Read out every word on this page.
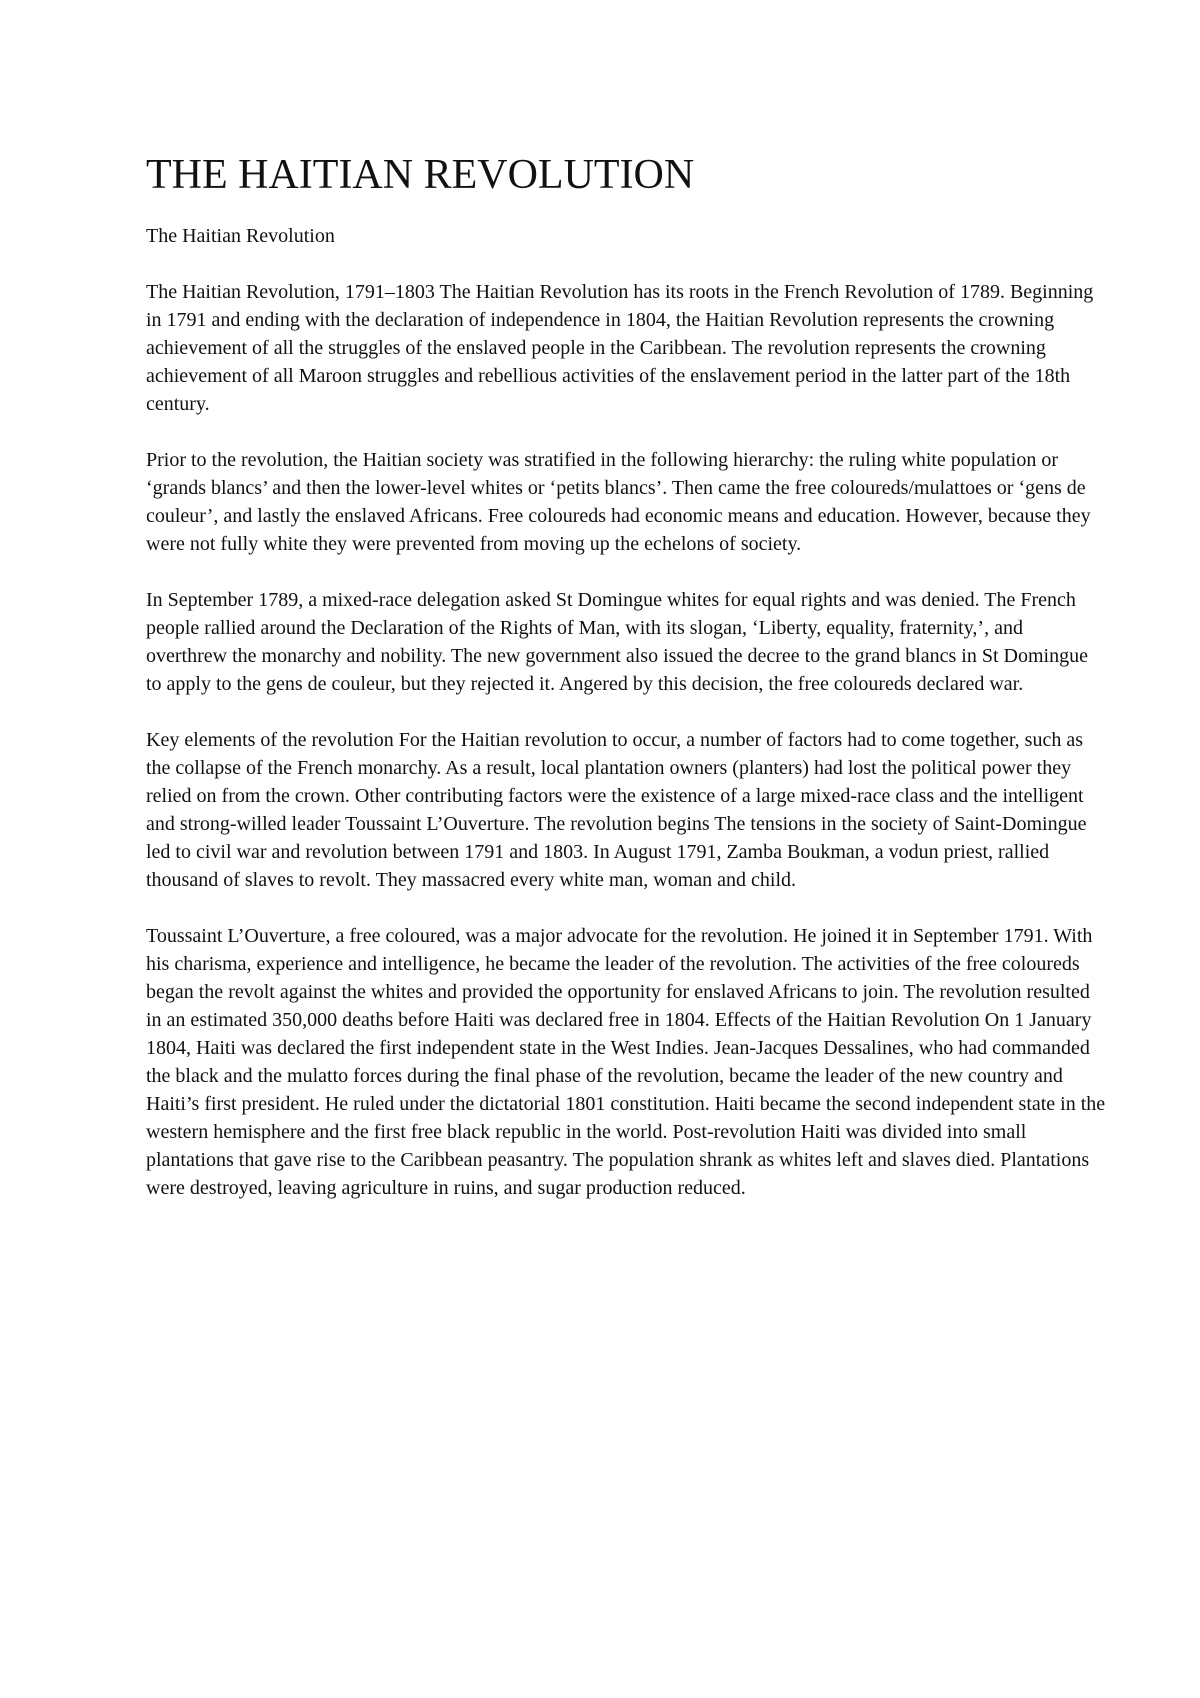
THE HAITIAN REVOLUTION

The Haitian Revolution

The Haitian Revolution, 1791–1803 The Haitian Revolution has its roots in the French Revolution of 1789. Beginning in 1791 and ending with the declaration of independence in 1804, the Haitian Revolution represents the crowning achievement of all the struggles of the enslaved people in the Caribbean. The revolution represents the crowning achievement of all Maroon struggles and rebellious activities of the enslavement period in the latter part of the 18th century.

Prior to the revolution, the Haitian society was stratified in the following hierarchy: the ruling white population or ‘grands blancs’ and then the lower-level whites or ‘petits blancs’. Then came the free coloureds/mulattoes or ‘gens de couleur’, and lastly the enslaved Africans. Free coloureds had economic means and education. However, because they were not fully white they were prevented from moving up the echelons of society.

In September 1789, a mixed-race delegation asked St Domingue whites for equal rights and was denied. The French people rallied around the Declaration of the Rights of Man, with its slogan, ‘Liberty, equality, fraternity,’, and overthrew the monarchy and nobility. The new government also issued the decree to the grand blancs in St Domingue to apply to the gens de couleur, but they rejected it. Angered by this decision, the free coloureds declared war.

Key elements of the revolution For the Haitian revolution to occur, a number of factors had to come together, such as the collapse of the French monarchy. As a result, local plantation owners (planters) had lost the political power they relied on from the crown. Other contributing factors were the existence of a large mixed-race class and the intelligent and strong-willed leader Toussaint L’Ouverture. The revolution begins The tensions in the society of Saint-Domingue led to civil war and revolution between 1791 and 1803. In August 1791, Zamba Boukman, a vodun priest, rallied thousand of slaves to revolt. They massacred every white man, woman and child.

Toussaint L’Ouverture, a free coloured, was a major advocate for the revolution. He joined it in September 1791. With his charisma, experience and intelligence, he became the leader of the revolution. The activities of the free coloureds began the revolt against the whites and provided the opportunity for enslaved Africans to join. The revolution resulted in an estimated 350,000 deaths before Haiti was declared free in 1804. Effects of the Haitian Revolution On 1 January 1804, Haiti was declared the first independent state in the West Indies. Jean-Jacques Dessalines, who had commanded the black and the mulatto forces during the final phase of the revolution, became the leader of the new country and Haiti’s first president. He ruled under the dictatorial 1801 constitution. Haiti became the second independent state in the western hemisphere and the first free black republic in the world. Post-revolution Haiti was divided into small plantations that gave rise to the Caribbean peasantry. The population shrank as whites left and slaves died. Plantations were destroyed, leaving agriculture in ruins, and sugar production reduced.
